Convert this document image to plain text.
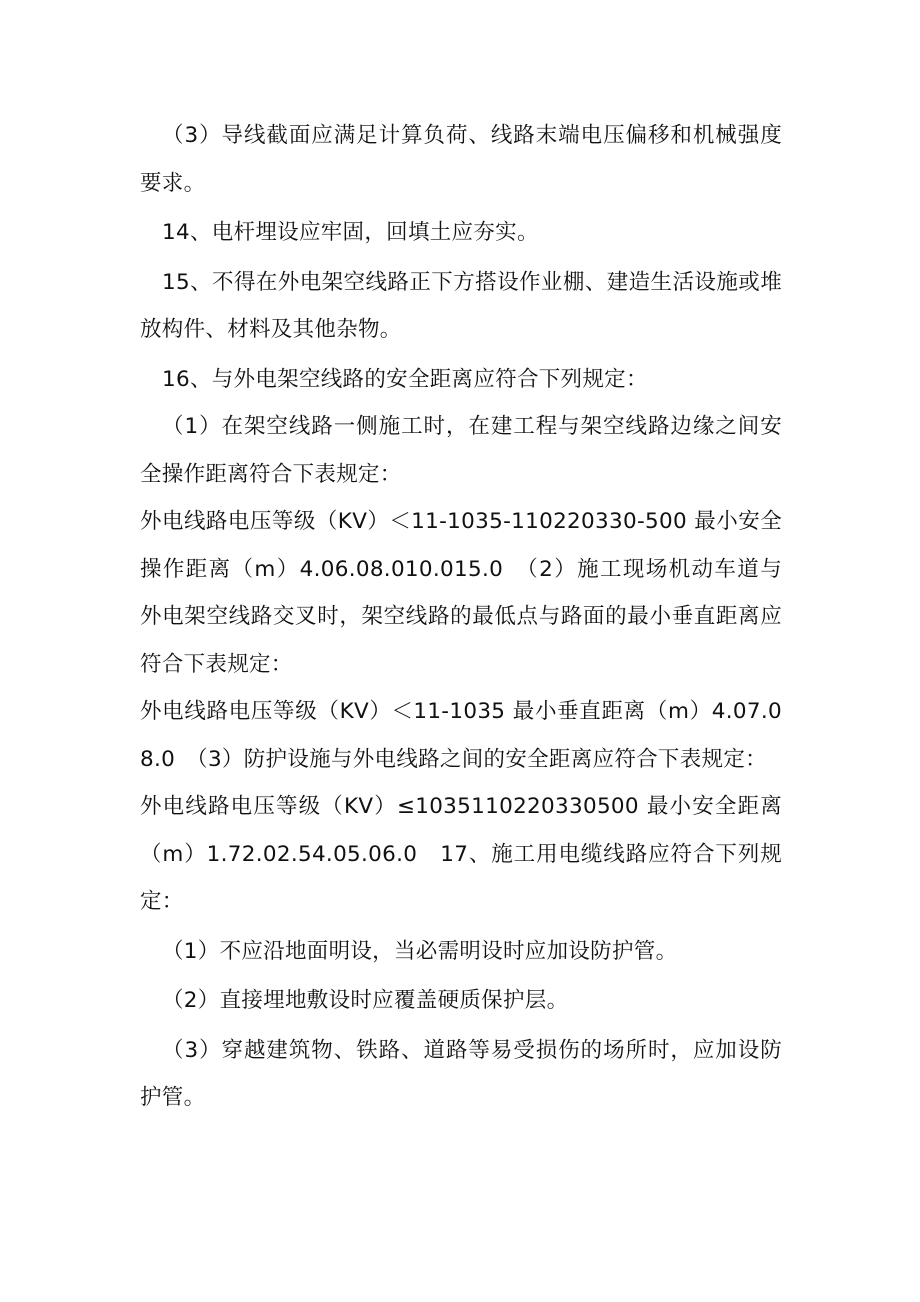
（3）导线截面应满足计算负荷、线路末端电压偏移和机械强度要求。

14、电杆埋设应牢固，回填土应夯实。

15、不得在外电架空线路正下方搭设作业棚、建造生活设施或堆放构件、材料及其他杂物。

16、与外电架空线路的安全距离应符合下列规定：

（1）在架空线路一侧施工时，在建工程与架空线路边缘之间安全操作距离符合下表规定：

外电线路电压等级（KV）＜11-1035-110220330-500 最小安全操作距离（m）4.06.08.010.015.0　（2）施工现场机动车道与外电架空线路交叉时，架空线路的最低点与路面的最小垂直距离应符合下表规定：

外电线路电压等级（KV）＜11-1035 最小垂直距离（m）4.07.08.0　（3）防护设施与外电线路之间的安全距离应符合下表规定：

外电线路电压等级（KV）≤1035110220330500 最小安全距离（m）1.72.02.54.05.06.0　17、施工用电缆线路应符合下列规定：

（1）不应沿地面明设，当必需明设时应加设防护管。

（2）直接埋地敷设时应覆盖硬质保护层。

（3）穿越建筑物、铁路、道路等易受损伤的场所时，应加设防护管。
